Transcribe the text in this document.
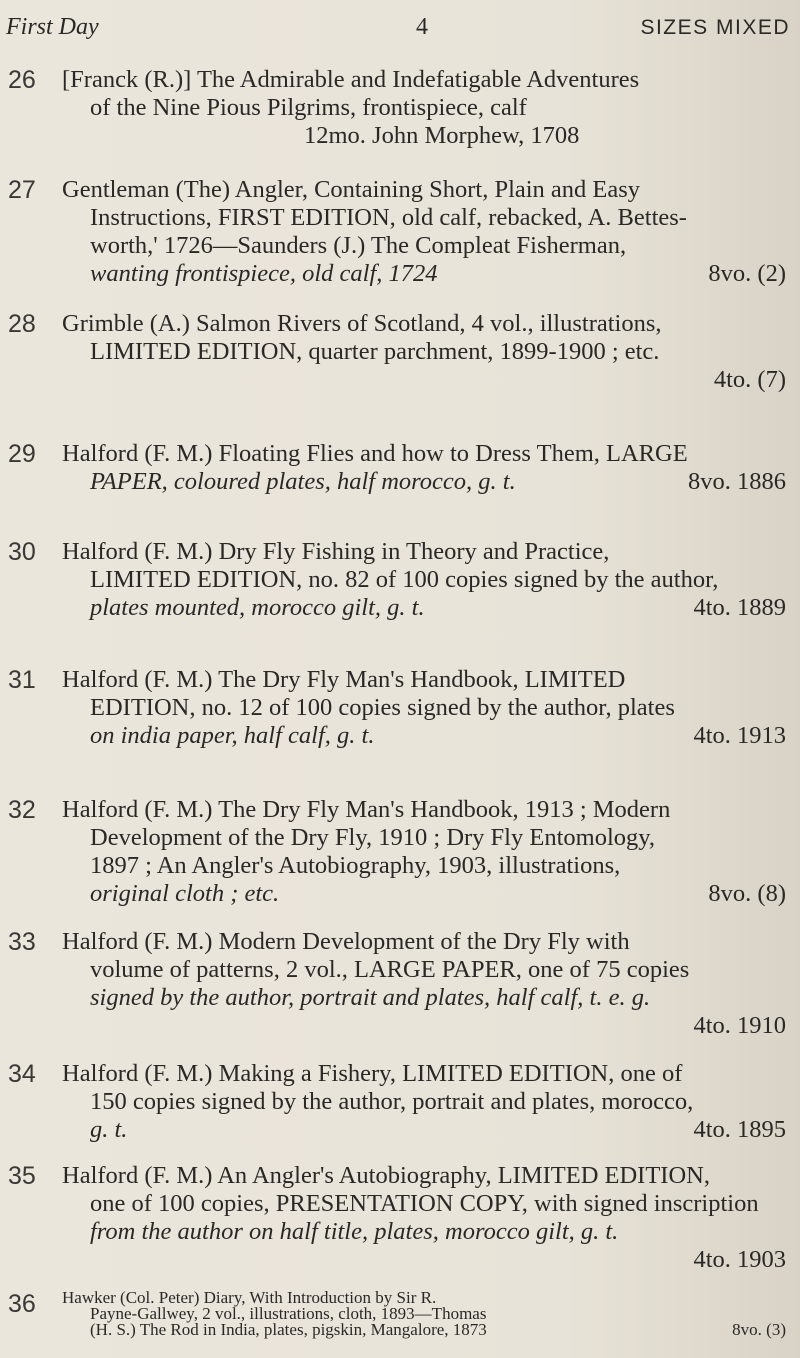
First Day	4	SIZES MIXED
26 [Franck (R.)] The Admirable and Indefatigable Adventures
of the Nine Pious Pilgrims, frontispiece, calf
12mo. John Morphew, 1708
27 Gentleman (The) Angler, Containing Short, Plain and Easy
Instructions, FIRST EDITION, old calf, rebacked, A. Bettes-
worth,' 1726—Saunders (J.) The Compleat Fisherman,
wanting frontispiece, old calf, 1724	8vo. (2)
28 Grimble (A.) Salmon Rivers of Scotland, 4 vol., illustrations,
LIMITED EDITION, quarter parchment, 1899-1900 ; etc.
4to. (7)
29 Halford (F. M.) Floating Flies and how to Dress Them, LARGE
PAPER, coloured plates, half morocco, g. t.	8vo. 1886
30 Halford (F. M.) Dry Fly Fishing in Theory and Practice,
LIMITED EDITION, no. 82 of 100 copies signed by the author,
plates mounted, morocco gilt, g. t.	4to. 1889
31 Halford (F. M.) The Dry Fly Man's Handbook, LIMITED
EDITION, no. 12 of 100 copies signed by the author, plates
on india paper, half calf, g. t.	4to. 1913
32 Halford (F. M.) The Dry Fly Man's Handbook, 1913 ; Modern
Development of the Dry Fly, 1910 ; Dry Fly Entomology,
1897 ; An Angler's Autobiography, 1903, illustrations,
original cloth ; etc.	8vo. (8)
33 Halford (F. M.) Modern Development of the Dry Fly with
volume of patterns, 2 vol., LARGE PAPER, one of 75 copies
signed by the author, portrait and plates, half calf, t. e. g.
4to. 1910
34 Halford (F. M.) Making a Fishery, LIMITED EDITION, one of
150 copies signed by the author, portrait and plates, morocco,
g. t.	4to. 1895
35 Halford (F. M.) An Angler's Autobiography, LIMITED EDITION,
one of 100 copies, PRESENTATION COPY, with signed inscription
from the author on half title, plates, morocco gilt, g. t.
4to. 1903
36 Hawker (Col. Peter) Diary, With Introduction by Sir R.
Payne-Gallwey, 2 vol., illustrations, cloth, 1893—Thomas
(H. S.) The Rod in India, plates, pigskin, Mangalore, 1873	8vo. (3)
